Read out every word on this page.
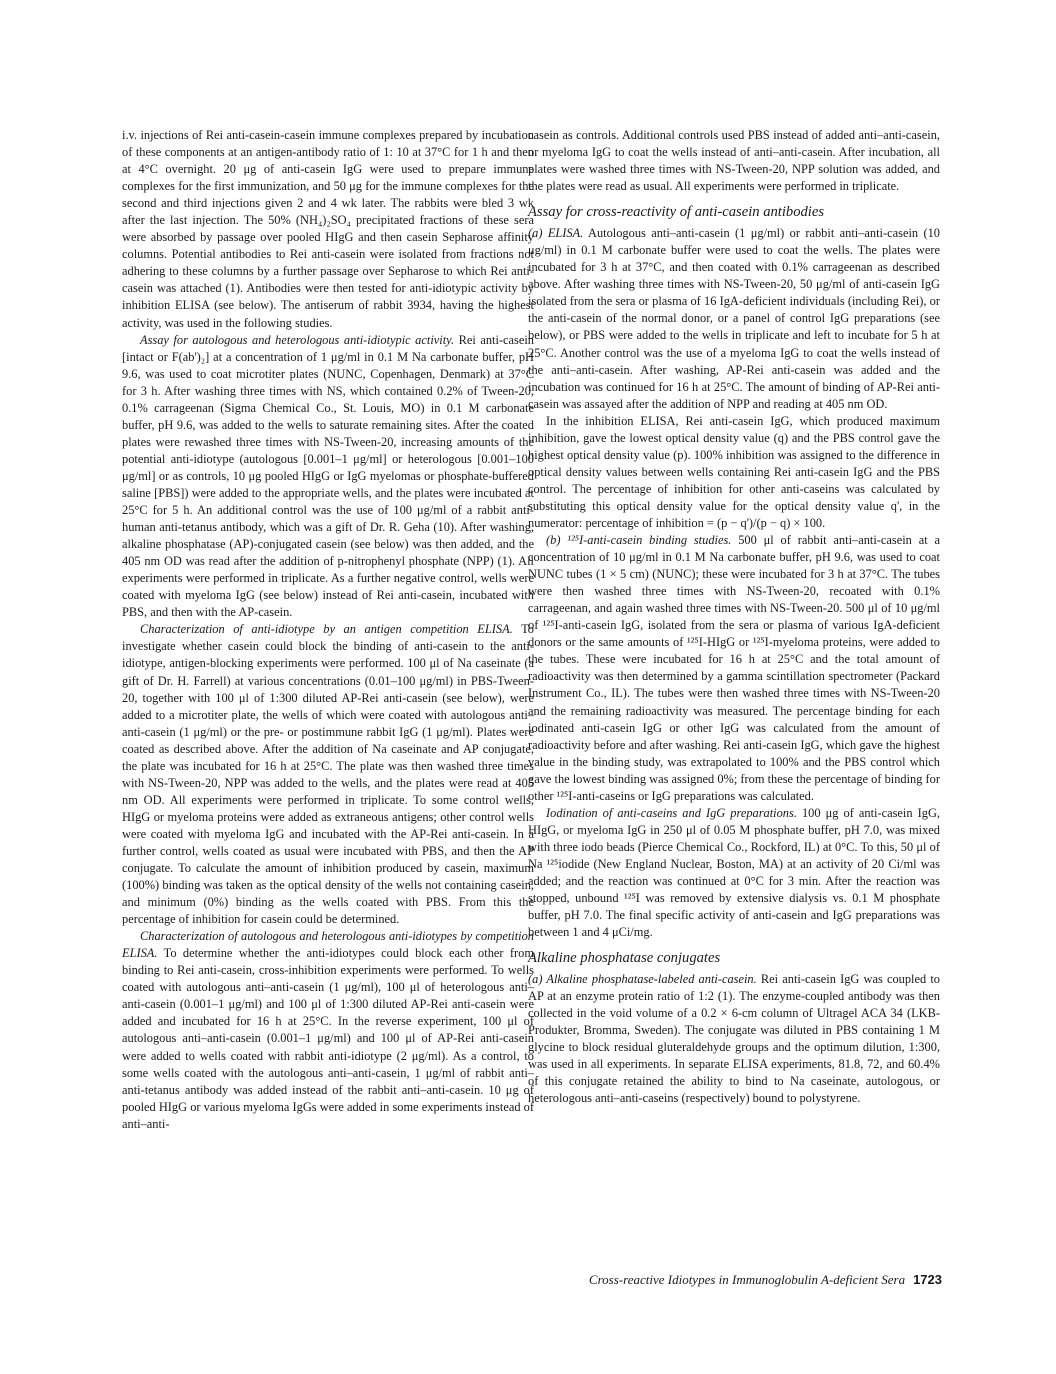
i.v. injections of Rei anti-casein-casein immune complexes prepared by incubation of these components at an antigen-antibody ratio of 1: 10 at 37°C for 1 h and then at 4°C overnight. 20 μg of anti-casein IgG were used to prepare immune complexes for the first immunization, and 50 μg for the immune complexes for the second and third injections given 2 and 4 wk later. The rabbits were bled 3 wk after the last injection. The 50% (NH₄)₂SO₄ precipitated fractions of these sera were absorbed by passage over pooled HIgG and then casein Sepharose affinity columns. Potential antibodies to Rei anti-casein were isolated from fractions not adhering to these columns by a further passage over Sepharose to which Rei anti-casein was attached (1). Antibodies were then tested for anti-idiotypic activity by inhibition ELISA (see below). The antiserum of rabbit 3934, having the highest activity, was used in the following studies.

Assay for autologous and heterologous anti-idiotypic activity. Rei anti-casein [intact or F(ab')₂] at a concentration of 1 μg/ml in 0.1 M Na carbonate buffer, pH 9.6, was used to coat microtiter plates (NUNC, Copenhagen, Denmark) at 37°C for 3 h. After washing three times with NS, which contained 0.2% of Tween-20, 0.1% carrageenan (Sigma Chemical Co., St. Louis, MO) in 0.1 M carbonate buffer, pH 9.6, was added to the wells to saturate remaining sites. After the coated plates were rewashed three times with NS-Tween-20, increasing amounts of the potential anti-idiotype (autologous [0.001–1 μg/ml] or heterologous [0.001–100 μg/ml] or as controls, 10 μg pooled HIgG or IgG myelomas or phosphate-buffered saline [PBS]) were added to the appropriate wells, and the plates were incubated at 25°C for 5 h. An additional control was the use of 100 μg/ml of a rabbit anti-human anti-tetanus antibody, which was a gift of Dr. R. Geha (10). After washing, alkaline phosphatase (AP)-conjugated casein (see below) was then added, and the 405 nm OD was read after the addition of p-nitrophenyl phosphate (NPP) (1). All experiments were performed in triplicate. As a further negative control, wells were coated with myeloma IgG (see below) instead of Rei anti-casein, incubated with PBS, and then with the AP-casein.

Characterization of anti-idiotype by an antigen competition ELISA. To investigate whether casein could block the binding of anti-casein to the anti-idiotype, antigen-blocking experiments were performed. 100 μl of Na caseinate (a gift of Dr. H. Farrell) at various concentrations (0.01–100 μg/ml) in PBS-Tween-20, together with 100 μl of 1:300 diluted AP-Rei anti-casein (see below), were added to a microtiter plate, the wells of which were coated with autologous anti–anti-casein (1 μg/ml) or the pre- or postimmune rabbit IgG (1 μg/ml). Plates were coated as described above. After the addition of Na caseinate and AP conjugate, the plate was incubated for 16 h at 25°C. The plate was then washed three times with NS-Tween-20, NPP was added to the wells, and the plates were read at 405 nm OD. All experiments were performed in triplicate. To some control wells, HIgG or myeloma proteins were added as extraneous antigens; other control wells were coated with myeloma IgG and incubated with the AP-Rei anti-casein. In a further control, wells coated as usual were incubated with PBS, and then the AP conjugate. To calculate the amount of inhibition produced by casein, maximum (100%) binding was taken as the optical density of the wells not containing casein, and minimum (0%) binding as the wells coated with PBS. From this the percentage of inhibition for casein could be determined.

Characterization of autologous and heterologous anti-idiotypes by competition ELISA. To determine whether the anti-idiotypes could block each other from binding to Rei anti-casein, cross-inhibition experiments were performed. To wells coated with autologous anti–anti-casein (1 μg/ml), 100 μl of heterologous anti–anti-casein (0.001–1 μg/ml) and 100 μl of 1:300 diluted AP-Rei anti-casein were added and incubated for 16 h at 25°C. In the reverse experiment, 100 μl of autologous anti–anti-casein (0.001–1 μg/ml) and 100 μl of AP-Rei anti-casein were added to wells coated with rabbit anti-idiotype (2 μg/ml). As a control, to some wells coated with the autologous anti–anti-casein, 1 μg/ml of rabbit anti–anti-tetanus antibody was added instead of the rabbit anti–anti-casein. 10 μg of pooled HIgG or various myeloma IgGs were added in some experiments instead of anti–anti-

casein as controls. Additional controls used PBS instead of added anti–anti-casein, or myeloma IgG to coat the wells instead of anti–anti-casein. After incubation, all plates were washed three times with NS-Tween-20, NPP solution was added, and the plates were read as usual. All experiments were performed in triplicate.

Assay for cross-reactivity of anti-casein antibodies

(a) ELISA. Autologous anti–anti-casein (1 μg/ml) or rabbit anti–anti-casein (10 μg/ml) in 0.1 M carbonate buffer were used to coat the wells. The plates were incubated for 3 h at 37°C, and then coated with 0.1% carrageenan as described above. After washing three times with NS-Tween-20, 50 μg/ml of anti-casein IgG isolated from the sera or plasma of 16 IgA-deficient individuals (including Rei), or the anti-casein of the normal donor, or a panel of control IgG preparations (see below), or PBS were added to the wells in triplicate and left to incubate for 5 h at 25°C. Another control was the use of a myeloma IgG to coat the wells instead of the anti–anti-casein. After washing, AP-Rei anti-casein was added and the incubation was continued for 16 h at 25°C. The amount of binding of AP-Rei anti-casein was assayed after the addition of NPP and reading at 405 nm OD.

In the inhibition ELISA, Rei anti-casein IgG, which produced maximum inhibition, gave the lowest optical density value (q) and the PBS control gave the highest optical density value (p). 100% inhibition was assigned to the difference in optical density values between wells containing Rei anti-casein IgG and the PBS control. The percentage of inhibition for other anti-caseins was calculated by substituting this optical density value for the optical density value q', in the numerator: percentage of inhibition = (p − q')/(p − q) × 100.

(b) ¹²⁵I-anti-casein binding studies. 500 μl of rabbit anti–anti-casein at a concentration of 10 μg/ml in 0.1 M Na carbonate buffer, pH 9.6, was used to coat NUNC tubes (1 × 5 cm) (NUNC); these were incubated for 3 h at 37°C. The tubes were then washed three times with NS-Tween-20, recoated with 0.1% carrageenan, and again washed three times with NS-Tween-20. 500 μl of 10 μg/ml of ¹²⁵I-anti-casein IgG, isolated from the sera or plasma of various IgA-deficient donors or the same amounts of ¹²⁵I-HIgG or ¹²⁵I-myeloma proteins, were added to the tubes. These were incubated for 16 h at 25°C and the total amount of radioactivity was then determined by a gamma scintillation spectrometer (Packard Instrument Co., IL). The tubes were then washed three times with NS-Tween-20 and the remaining radioactivity was measured. The percentage binding for each iodinated anti-casein IgG or other IgG was calculated from the amount of radioactivity before and after washing. Rei anti-casein IgG, which gave the highest value in the binding study, was extrapolated to 100% and the PBS control which gave the lowest binding was assigned 0%; from these the percentage of binding for other ¹²⁵I-anti-caseins or IgG preparations was calculated.

Iodination of anti-caseins and IgG preparations. 100 μg of anti-casein IgG, HIgG, or myeloma IgG in 250 μl of 0.05 M phosphate buffer, pH 7.0, was mixed with three iodo beads (Pierce Chemical Co., Rockford, IL) at 0°C. To this, 50 μl of Na ¹²⁵iodide (New England Nuclear, Boston, MA) at an activity of 20 Ci/ml was added; and the reaction was continued at 0°C for 3 min. After the reaction was stopped, unbound ¹²⁵I was removed by extensive dialysis vs. 0.1 M phosphate buffer, pH 7.0. The final specific activity of anti-casein and IgG preparations was between 1 and 4 μCi/mg.

Alkaline phosphatase conjugates

(a) Alkaline phosphatase-labeled anti-casein. Rei anti-casein IgG was coupled to AP at an enzyme protein ratio of 1:2 (1). The enzyme-coupled antibody was then collected in the void volume of a 0.2 × 6-cm column of Ultragel ACA 34 (LKB-Produkter, Bromma, Sweden). The conjugate was diluted in PBS containing 1 M glycine to block residual gluteraldehyde groups and the optimum dilution, 1:300, was used in all experiments. In separate ELISA experiments, 81.8, 72, and 60.4% of this conjugate retained the ability to bind to Na caseinate, autologous, or heterologous anti–anti-caseins (respectively) bound to polystyrene.

Cross-reactive Idiotypes in Immunoglobulin A-deficient Sera 1723
